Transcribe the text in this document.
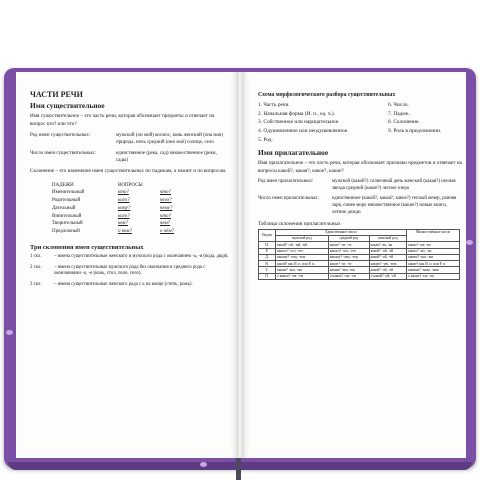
ЧАСТИ РЕЧИ
Имя существительное
Имя существительное – это часть речи, которая обозначает предметы и отвечает на вопрос кто? или что?
Род имен существительных:	мужской (он мой) космос, конь женский (она моя) природа, ночь средний (оно моё) солнце, село
Число имен существительных:	единственное (река, сад) множественное (реки, сады)
Склонение – это изменение имен существительных по падежам, а значит и по вопросам.
ПАДЕЖИ	ВОПРОСЫ
Именительный	кто?	что?
Родительный	кого?	чего?
Дательный	кому?	чему?
Винительный	кого?	что?
Творительный	кем?	чем?
Предложный	о ком?	о чём?
Три склонения имен существительных
1 скл.	– имена существительные женского и мужского рода с окончанием -а, -я (вода, дядя).
2 скл.	– имена существительные мужского рода без окончания и среднего рода с окончаниями -о, -е (конь, стол, поле, село).
3 скл.	– имена существительные женского рода с ь на конце (степь, рожь).
Схема морфологического разбора существительных
1. Часть речи.
2. Начальная форма (И. п., ед. ч.).
3. Собственное или нарицательное.
4. Одушевленное или неодушевленное.
5. Род.
6. Число.
7. Падеж.
8. Склонение.
9. Роль в предложении.
Имя прилагательное
Имя прилагательное – это часть речи, которая обозначает признаки предметов и отвечает на вопросы какой?, какая?, какое?, какие?
Род имен прилагательных:	мужской (какой?) солнечный день женский (какая?) ночная звезда средний (какое?) лесное озеро
Число имен прилагательных:	единственное (какой?, какая?, какое?) теплый вечер, ранняя заря, синее море множественное (какие?) новые книги, летние дожди
Таблица склонения прилагательных
Падеж	Единственное число			Множественное число
	мужской род	средний род	женский род	
И.	какой? -ой, -ый, -ий	какое? -ое, -ее	какая? -ая, -яя	какие? -ые, -ие
Р.	какого? -ого, -его	какого? -ого, -его	какой? -ой, -ей	каких? -ых, -их
Д.	какому? -ому, -ему	какому? -ому, -ему	какой? -ой, -ей	каким? -ым, -им
В.	какой? как И. п. или Р. п.	какое? -ое, -ее	какую? -ую, -юю	какие? как И. п. или Р. п.
Т.	каким? -ым, -им	каким? -ым, -им	какой? -ой, -ей	какими? -ыми, -ими
П.	о каком? -ом, -ем	о каком? -ом, -ем	о какой? -ой, -ей	о каких? -ых, -их
